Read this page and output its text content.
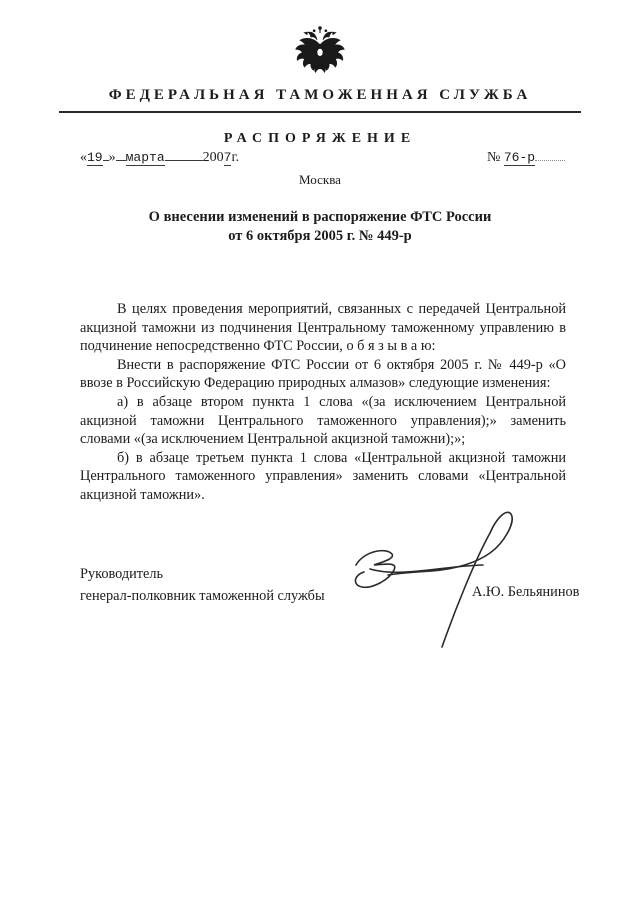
ФЕДЕРАЛЬНАЯ ТАМОЖЕННАЯ СЛУЖБА
РАСПОРЯЖЕНИЕ
«19 » марта	2007г.	№ 76-р
Москва
О внесении изменений в распоряжение ФТС России
от 6 октября 2005 г. № 449-р

В целях проведения мероприятий, связанных с передачей Центральной акцизной таможни из подчинения Центральному таможенному управлению в подчинение непосредственно ФТС России, о б я з ы в а ю:

Внести в распоряжение ФТС России от 6 октября 2005 г. № 449-р «О ввозе в Российскую Федерацию природных алмазов» следующие изменения:

а) в абзаце втором пункта 1 слова «(за исключением Центральной акцизной таможни Центрального таможенного управления);» заменить словами «(за исключением Центральной акцизной таможни);»;

б) в абзаце третьем пункта 1 слова «Центральной акцизной таможни Центрального таможенного управления» заменить словами «Центральной акцизной таможни».

Руководитель
генерал-полковник таможенной службы	А.Ю. Бельянинов
